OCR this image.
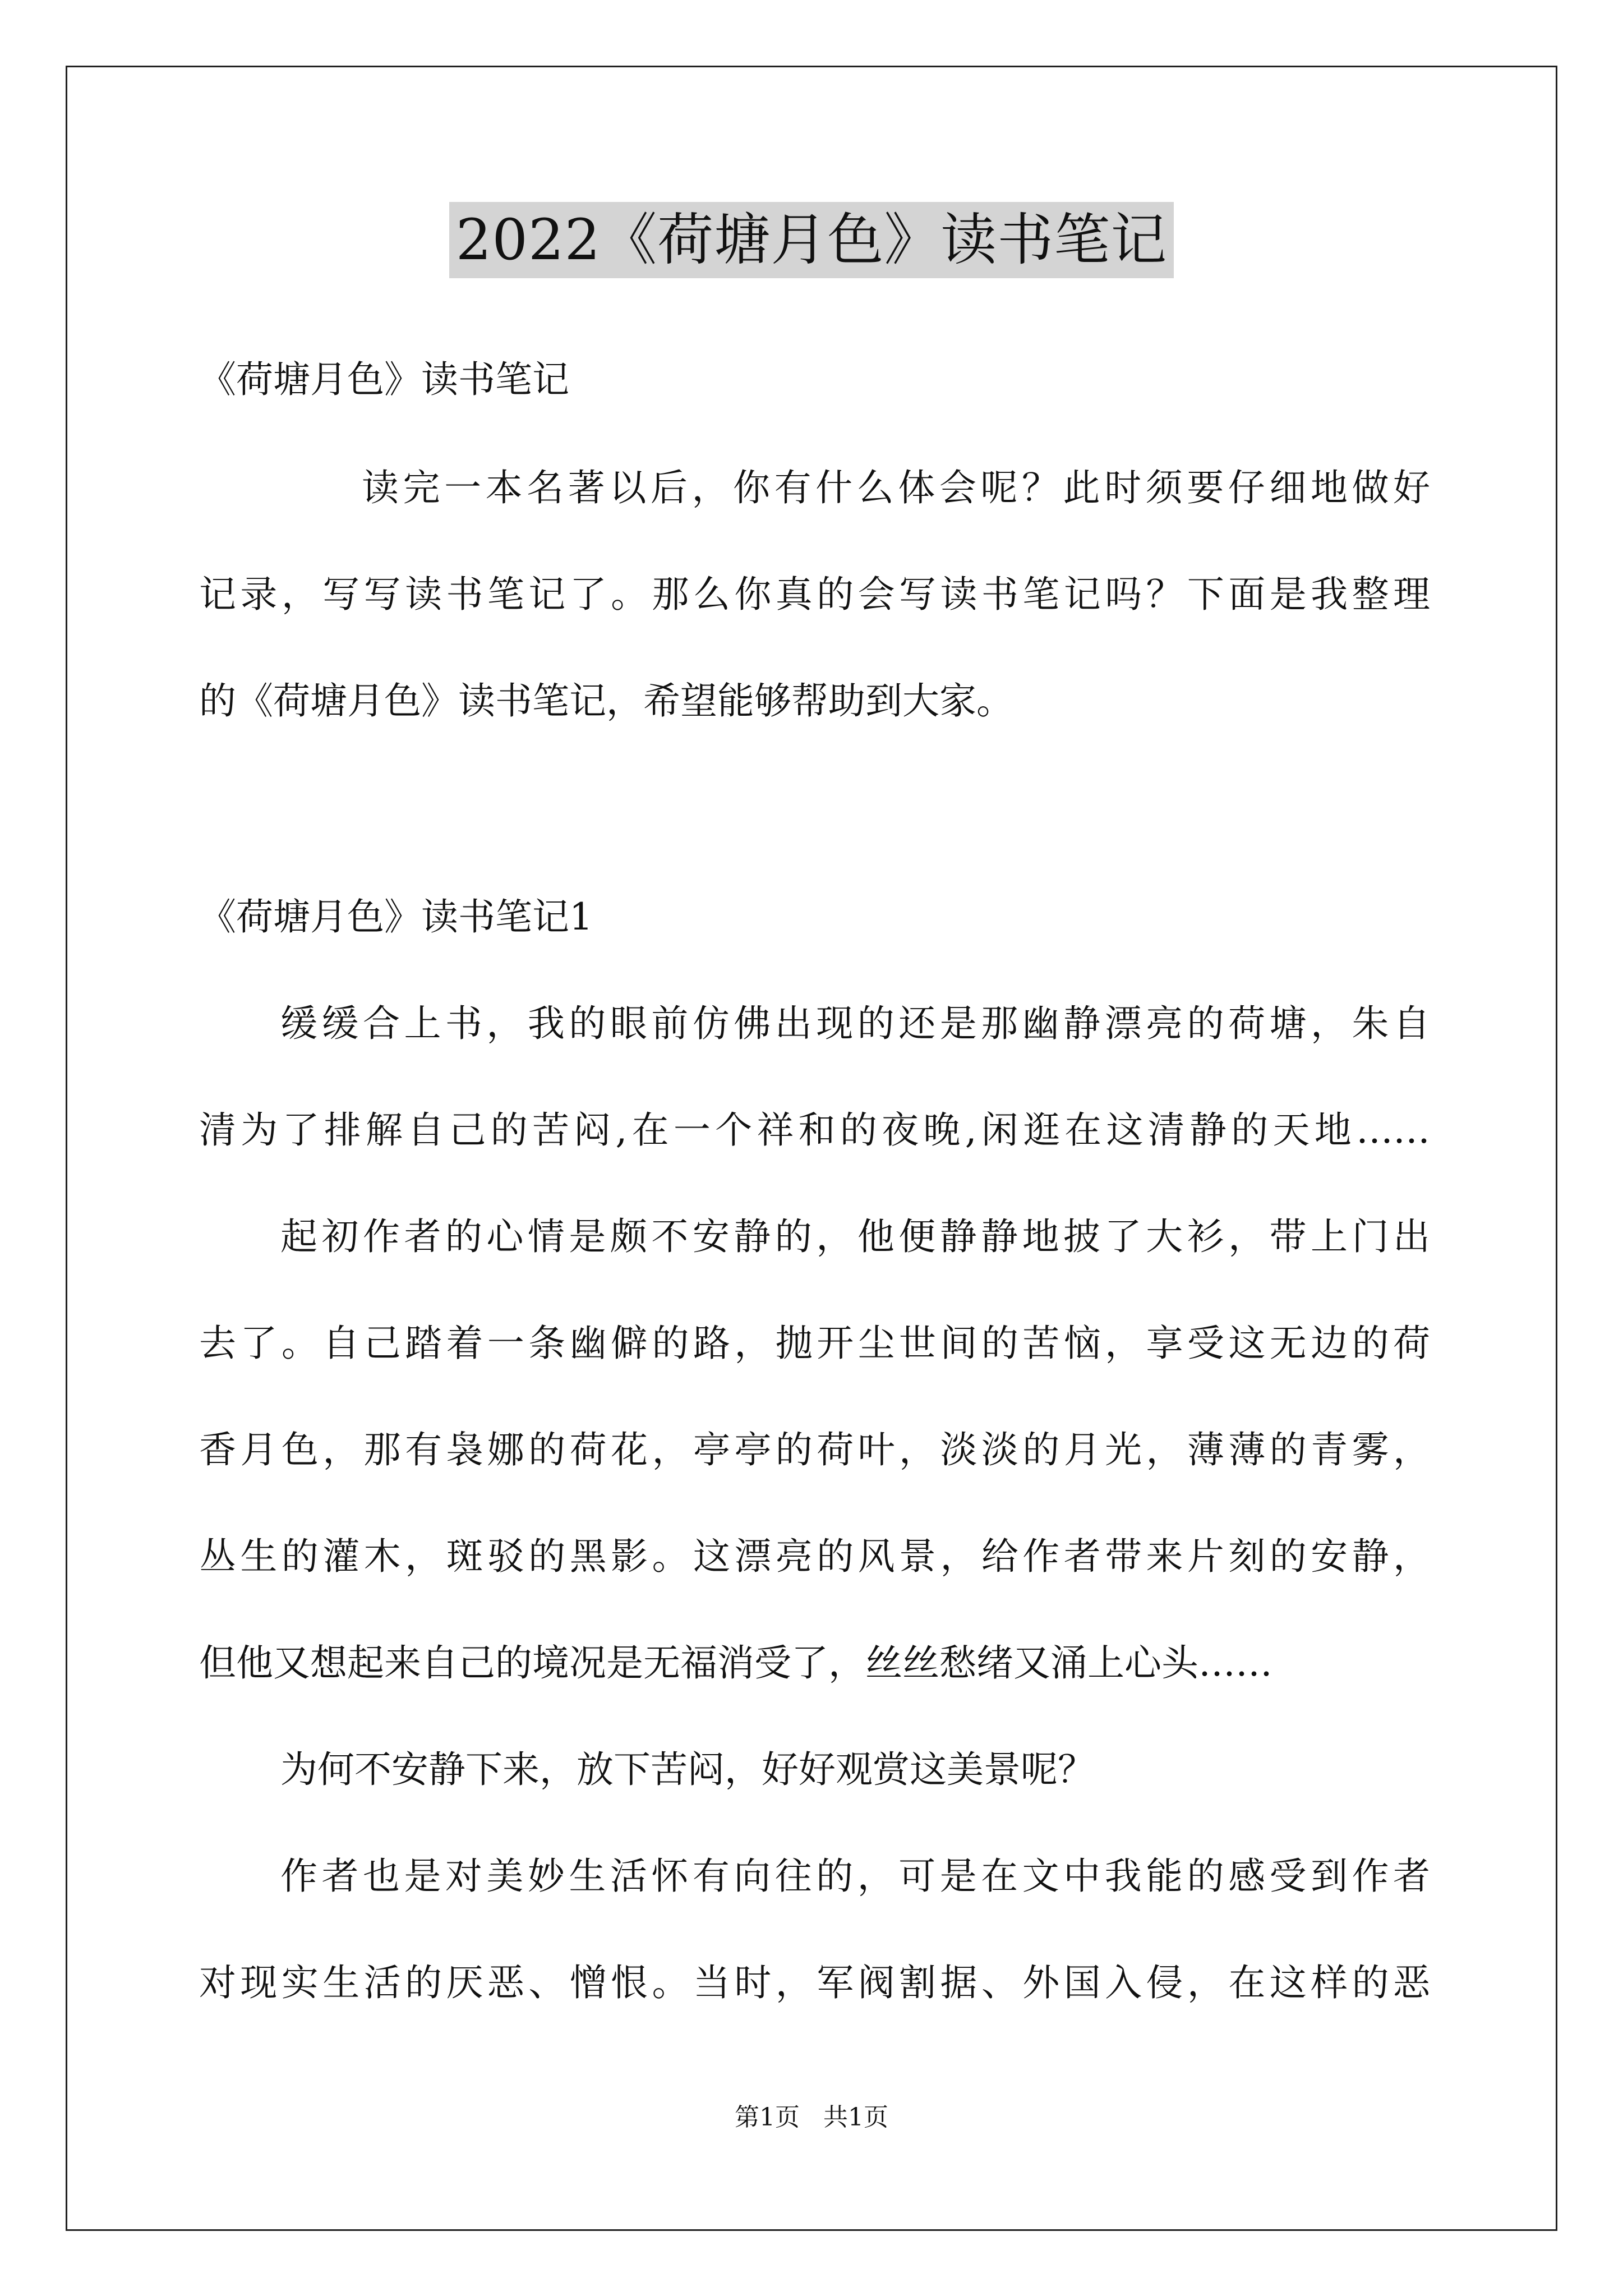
2022《荷塘月色》读书笔记
《荷塘月色》读书笔记
读完一本名著以后，你有什么体会呢？此时须要仔细地做好
记录，写写读书笔记了。那么你真的会写读书笔记吗？下面是我整理
的《荷塘月色》读书笔记，希望能够帮助到大家。
《荷塘月色》读书笔记1
缓缓合上书，我的眼前仿佛出现的还是那幽静漂亮的荷塘，朱自
清为了排解自己的苦闷,在一个祥和的夜晚,闲逛在这清静的天地……
起初作者的心情是颇不安静的，他便静静地披了大衫，带上门出
去了。自己踏着一条幽僻的路，抛开尘世间的苦恼，享受这无边的荷
香月色，那有袅娜的荷花，亭亭的荷叶，淡淡的月光，薄薄的青雾，
丛生的灌木，斑驳的黑影。这漂亮的风景，给作者带来片刻的安静，
但他又想起来自己的境况是无福消受了，丝丝愁绪又涌上心头……
为何不安静下来，放下苦闷，好好观赏这美景呢？
作者也是对美妙生活怀有向往的，可是在文中我能的感受到作者
对现实生活的厌恶、憎恨。当时，军阀割据、外国入侵，在这样的恶
第1页   共1页
